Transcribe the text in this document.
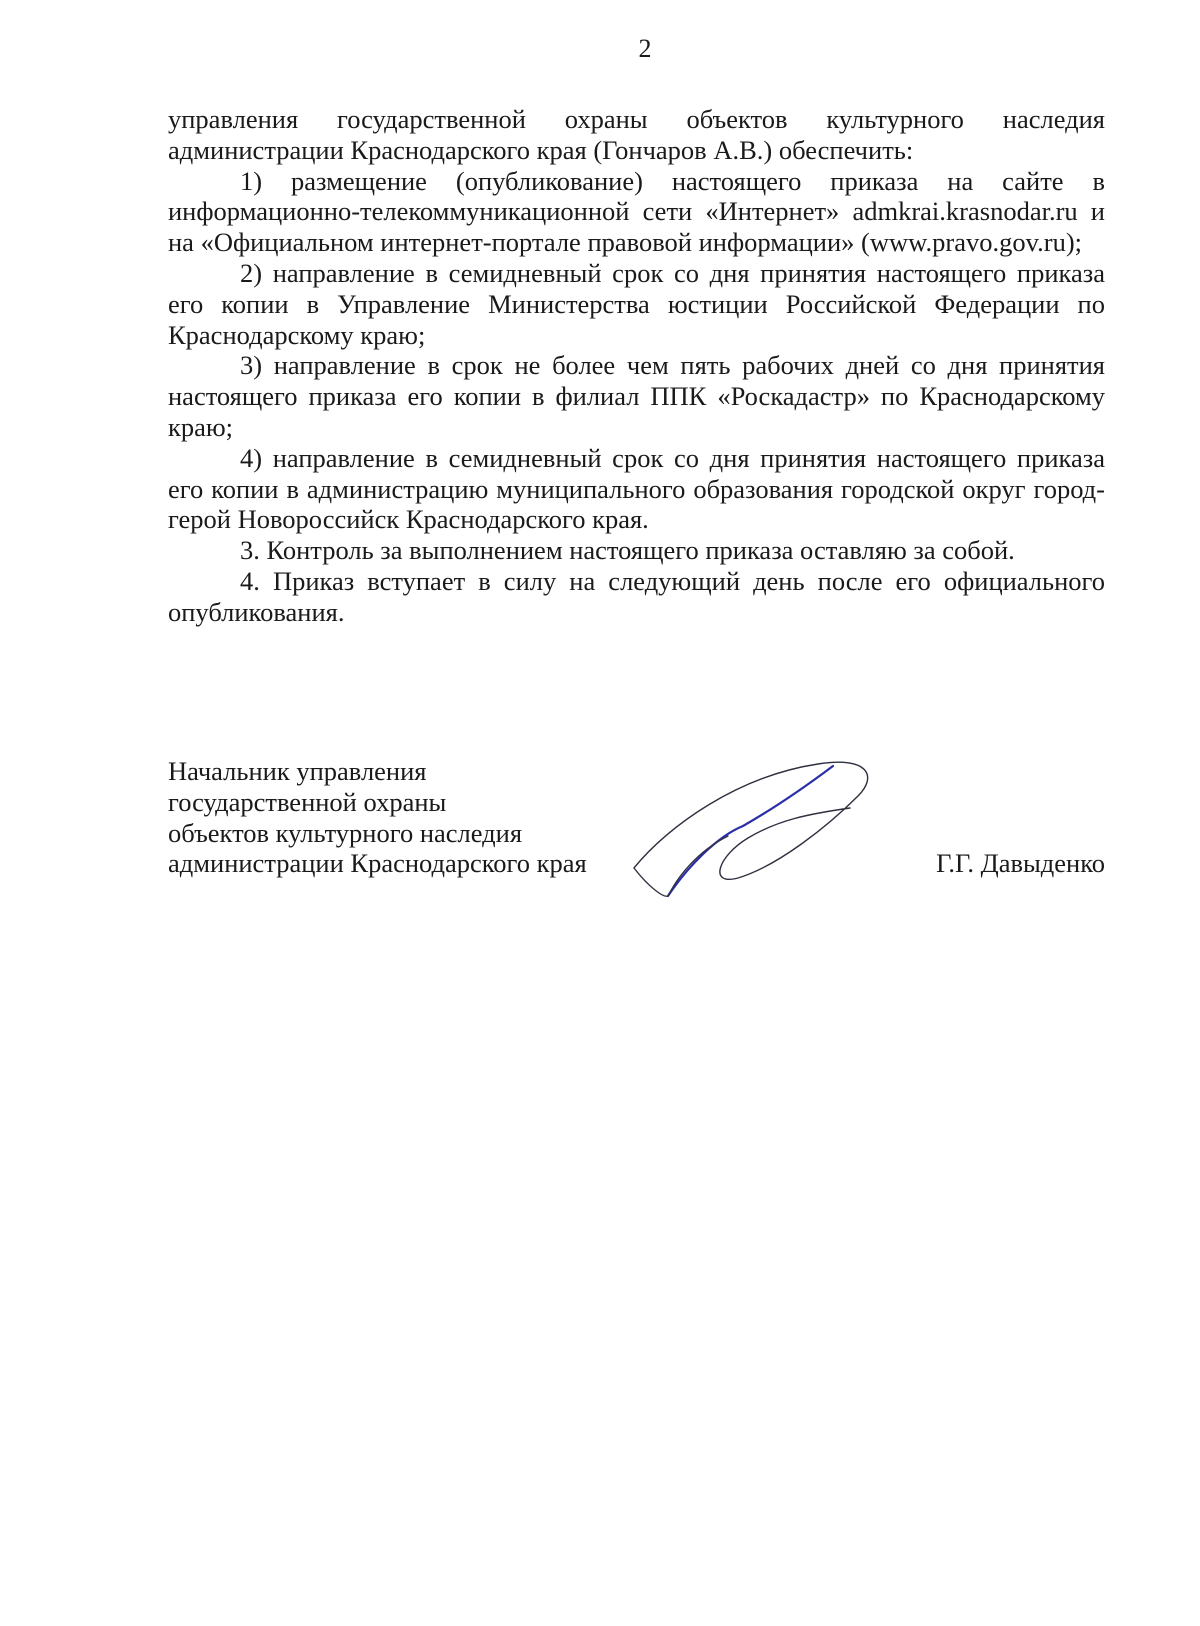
2

управления государственной охраны объектов культурного наследия администрации Краснодарского края (Гончаров А.В.) обеспечить:

1) размещение (опубликование) настоящего приказа на сайте в информационно-телекоммуникационной сети «Интернет» admkrai.krasnodar.ru и на «Официальном интернет-портале правовой информации» (www.pravo.gov.ru);

2) направление в семидневный срок со дня принятия настоящего приказа его копии в Управление Министерства юстиции Российской Федерации по Краснодарскому краю;

3) направление в срок не более чем пять рабочих дней со дня принятия настоящего приказа его копии в филиал ППК «Роскадастр» по Краснодарскому краю;

4) направление в семидневный срок со дня принятия настоящего приказа его копии в администрацию муниципального образования городской округ город-герой Новороссийск Краснодарского края.

3. Контроль за выполнением настоящего приказа оставляю за собой.

4. Приказ вступает в силу на следующий день после его официального опубликования.

Начальник управления

государственной охраны

объектов культурного наследия

администрации Краснодарского края	Г.Г. Давыденко
